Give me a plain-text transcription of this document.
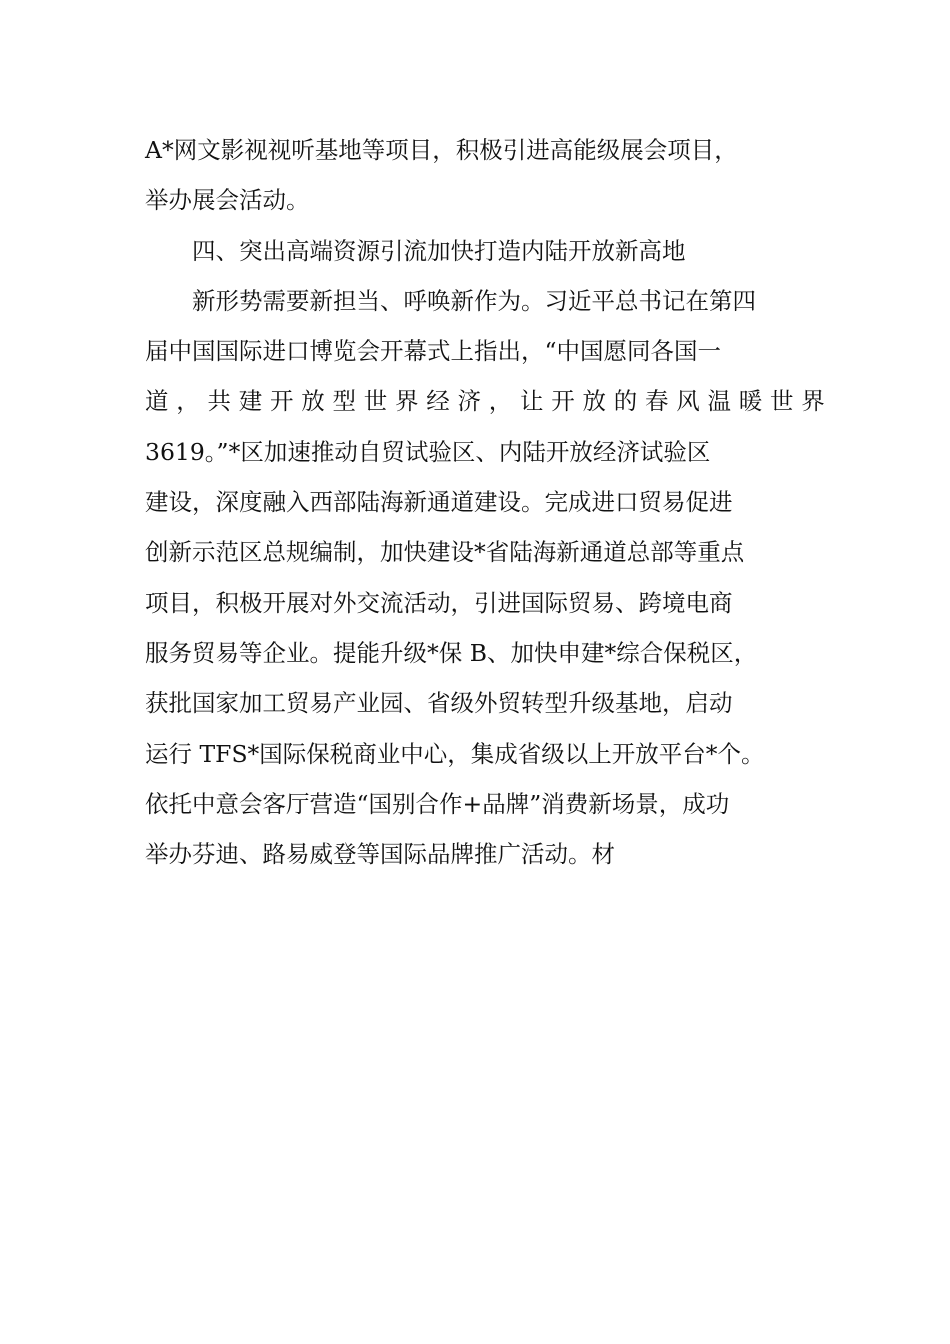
A*网文影视视听基地等项目，积极引进高能级展会项目，
举办展会活动。
四、突出高端资源引流加快打造内陆开放新高地
新形势需要新担当、呼唤新作为。习近平总书记在第四
届中国国际进口博览会开幕式上指出，“中国愿同各国一
道 ， 共 建 开 放 型 世 界 经 济 ， 让 开 放 的 春 风 温 暖 世 界
3619。”*区加速推动自贸试验区、内陆开放经济试验区
建设，深度融入西部陆海新通道建设。完成进口贸易促进
创新示范区总规编制，加快建设*省陆海新通道总部等重点
项目，积极开展对外交流活动，引进国际贸易、跨境电商
服务贸易等企业。提能升级*保 B、加快申建*综合保税区，
获批国家加工贸易产业园、省级外贸转型升级基地，启动
运行 TFS*国际保税商业中心，集成省级以上开放平台*个。
依托中意会客厅营造“国别合作+品牌”消费新场景，成功
举办芬迪、路易威登等国际品牌推广活动。材
